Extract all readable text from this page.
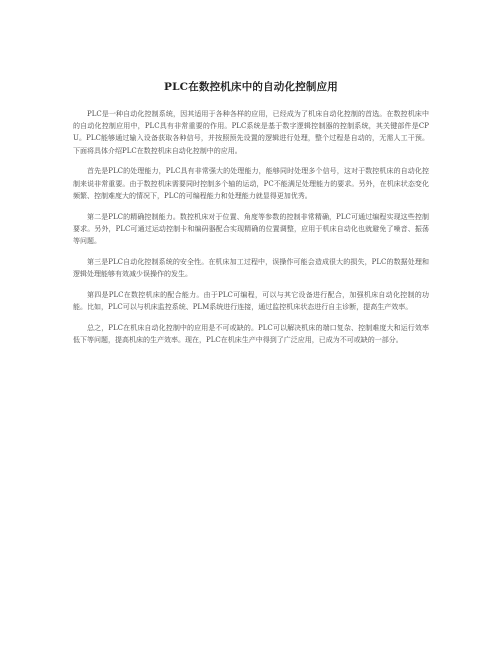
PLC在数控机床中的自动化控制应用

PLC是一种自动化控制系统，因其适用于各种各样的应用，已经成为了机床自动化控制的首选。在数控机床中的自动化控制应用中，PLC具有非常重要的作用。PLC系统是基于数字逻辑控制器的控制系统，其关键部件是CPU。PLC能够通过输入设备获取各种信号，并按照预先设置的逻辑进行处理，整个过程是自动的，无需人工干预。下面将具体介绍PLC在数控机床自动化控制中的应用。

首先是PLC的处理能力，PLC具有非常强大的处理能力，能够同时处理多个信号，这对于数控机床的自动化控制来说非常重要。由于数控机床需要同时控制多个轴的运动，PC不能满足处理能力的要求。另外，在机床状态变化频繁、控制难度大的情况下，PLC的可编程能力和处理能力就显得更加优秀。

第二是PLC的精确控制能力。数控机床对于位置、角度等参数的控制非常精确，PLC可通过编程实现这些控制要求。另外，PLC可通过运动控制卡和编码器配合实现精确的位置调整，应用于机床自动化也就避免了噪音、振荡等问题。

第三是PLC自动化控制系统的安全性。在机床加工过程中，误操作可能会造成很大的损失，PLC的数据处理和逻辑处理能够有效减少误操作的发生。

第四是PLC在数控机床的配合能力。由于PLC可编程，可以与其它设备进行配合，加强机床自动化控制的功能。比如，PLC可以与机床监控系统、PLM系统进行连接，通过监控机床状态进行自主诊断，提高生产效率。

总之，PLC在机床自动化控制中的应用是不可或缺的。PLC可以解决机床的端口复杂、控制难度大和运行效率低下等问题，提高机床的生产效率。现在，PLC在机床生产中得到了广泛应用，已成为不可或缺的一部分。
